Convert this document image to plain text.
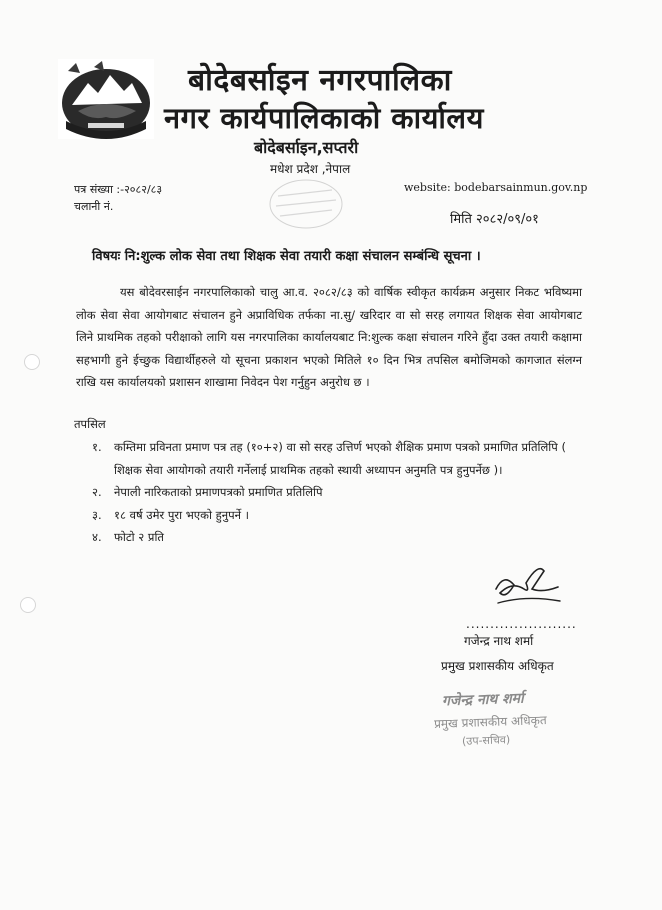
बोदेबर्साइन नगरपालिका
नगर कार्यपालिकाको कार्यालय
बोदेबर्साइन,सप्तरी
मधेश प्रदेश ,नेपाल
पत्र संख्या :-२०८२/८३
चलानी नं.
website: bodebarsainmun.gov.np
मिति २०८२/०९/०१
विषयः नि:शुल्क लोक सेवा तथा शिक्षक सेवा तयारी कक्षा संचालन सम्बंन्धि सूचना ।

यस बोदेवरसाईन नगरपालिकाको चालु आ.व. २०८२/८३ को वार्षिक स्वीकृत कार्यक्रम अनुसार निकट भविष्यमा लोक सेवा सेवा आयोगबाट संचालन हुने अप्राविधिक तर्फका ना.सु/ खरिदार वा सो सरह लगायत शिक्षक सेवा आयोगबाट लिने प्राथमिक तहको परीक्षाको लागि यस नगरपालिका कार्यालयबाट नि:शुल्क कक्षा संचालन गरिने हुँदा उक्त तयारी कक्षामा सहभागी हुने ईच्छुक विद्यार्थीहरुले यो सूचना प्रकाशन भएको मितिले १० दिन भित्र तपसिल बमोजिमको कागजात संलग्न राखि यस कार्यालयको प्रशासन शाखामा निवेदन पेश गर्नुहुन अनुरोध छ ।

तपसिल
१.	कम्तिमा प्रविनता प्रमाण पत्र तह (१०+२) वा सो सरह उत्तिर्ण भएको शैक्षिक प्रमाण पत्रको प्रमाणित प्रतिलिपि ( शिक्षक सेवा आयोगको तयारी गर्नेलाई प्राथमिक तहको स्थायी अध्यापन अनुमति पत्र हुनुपर्नेछ )।
२.	नेपाली नारिकताको प्रमाणपत्रको प्रमाणित प्रतिलिपि
३.	१८ वर्ष उमेर पुरा भएको हुनुपर्ने ।
४.	फोटो २ प्रति
.......................
गजेन्द्र नाथ शर्मा
प्रमुख प्रशासकीय अधिकृत
गजेन्द्र नाथ शर्मा
प्रमुख प्रशासकीय अधिकृत
(उप-सचिव)
